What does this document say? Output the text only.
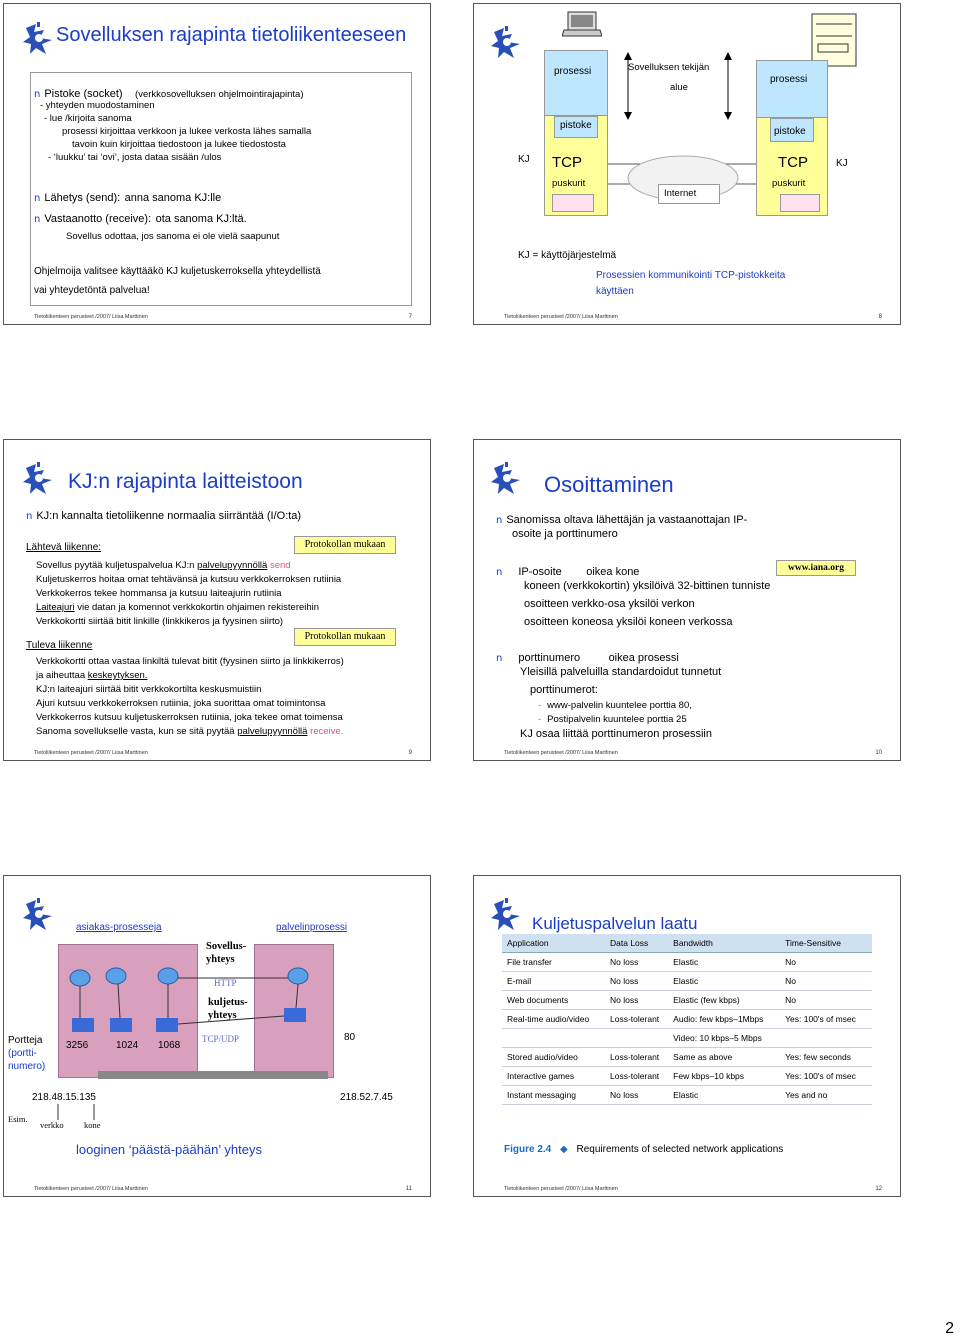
Sovelluksen rajapinta tietoliikenteeseen
n Pistoke (socket) (verkkosovelluksen ohjelmointirajapinta)
- yhteyden muodostaminen
- lue /kirjoita sanoma
prosessi kirjoittaa verkkoon ja lukee verkosta lähes samalla
tavoin kuin kirjoittaa tiedostoon ja lukee tiedostosta
- ‘luukku’ tai ‘ovi’, josta dataa sisään /ulos
n Lähetys (send): anna sanoma KJ:lle
n Vastaanotto (receive): ota sanoma KJ:ltä.
Sovellus odottaa, jos sanoma ei ole vielä saapunut
Ohjelmoija valitsee käyttääkö KJ kuljetuskerroksella yhteydellistä
vai yhteydetöntä palvelua!
Tietoliikenteen perusteet /2007/ Liisa Marttinen	7
prosessi
pistoke
TCP
puskurit
KJ
Sovelluksen tekijän
alue
Internet
prosessi
pistoke
TCP
puskurit
KJ
KJ = käyttöjärjestelmä
Prosessien kommunikointi TCP-pistokkeita
käyttäen
Tietoliikenteen perusteet /2007/ Liisa Marttinen	8
KJ:n rajapinta laitteistoon
n KJ:n kannalta tietoliikenne normaalia siirräntää (I/O:ta)
Lähtevä liikenne:	Protokollan mukaan
Sovellus pyytää kuljetuspalvelua KJ:n palvelupyynnöllä send
Kuljetuskerros hoitaa omat tehtävänsä ja kutsuu verkkokerroksen rutiinia
Verkkokerros tekee hommansa ja kutsuu laiteajurin rutiinia
Laiteajuri vie datan ja komennot verkkokortin ohjaimen rekistereihin
Verkkokortti siirtää bitit linkille (linkkikeros ja fyysinen siirto)
Protokollan mukaan
Tuleva liikenne
Verkkokortti ottaa vastaa linkiltä tulevat bitit (fyysinen siirto ja linkkikerros)
ja aiheuttaa keskeytyksen.
KJ:n laiteajuri siirtää bitit verkkokortilta keskusmuistiin
Ajuri kutsuu verkkokerroksen rutiinia, joka suorittaa omat toimintonsa
Verkkokerros kutsuu kuljetuskerroksen rutiinia, joka tekee omat toimensa
Sanoma sovellukselle vasta, kun se sitä pyytää palvelupyynnöllä receive.
Tietoliikenteen perusteet /2007/ Liisa Marttinen	9
Osoittaminen
n Sanomissa oltava lähettäjän ja vastaanottajan IP-
osoite ja porttinumero
n IP-osoite oikea kone	www.iana.org
koneen (verkkokortin) yksilöivä 32-bittinen tunniste
osoitteen verkko-osa yksilöi verkon
osoitteen koneosa yksilöi koneen verkossa
n porttinumero	oikea prosessi
Yleisillä palveluilla standardoidut tunnetut
porttinumerot:
- www-palvelin kuuntelee porttia 80,
- Postipalvelin kuuntelee porttia 25
KJ osaa liittää porttinumeron prosessiin
Tietoliikenteen perusteet /2007/ Liisa Marttinen	10
asiakas-prosesseja	palvelinprosessi
Sovellus-
yhteys
HTTP
kuljetus-
yhteys
TCP/UDP
Portteja
(portti-
numero)
3256	1024 1068
80
218.48.15.135	218.52.7.45
Esim.
verkko kone
looginen ‘päästä-päähän’ yhteys
Tietoliikenteen perusteet /2007/ Liisa Marttinen	11
Kuljetuspalvelun laatu
Application	Data Loss	Bandwidth	Time-Sensitive
File transfer	No loss	Elastic	No
E-mail	No loss	Elastic	No
Web documents	No loss	Elastic (few kbps)	No
Real-time audio/video	Loss-tolerant	Audio: few kbps–1Mbps	Yes: 100's of msec
		Video: 10 kbps–5 Mbps	
Stored audio/video	Loss-tolerant	Same as above	Yes: few seconds
Interactive games	Loss-tolerant	Few kbps–10 kbps	Yes: 100's of msec
Instant messaging	No loss	Elastic	Yes and no
Figure 2.4 ◆ Requirements of selected network applications
Tietoliikenteen perusteet /2007/ Liisa Marttinen	12
2
